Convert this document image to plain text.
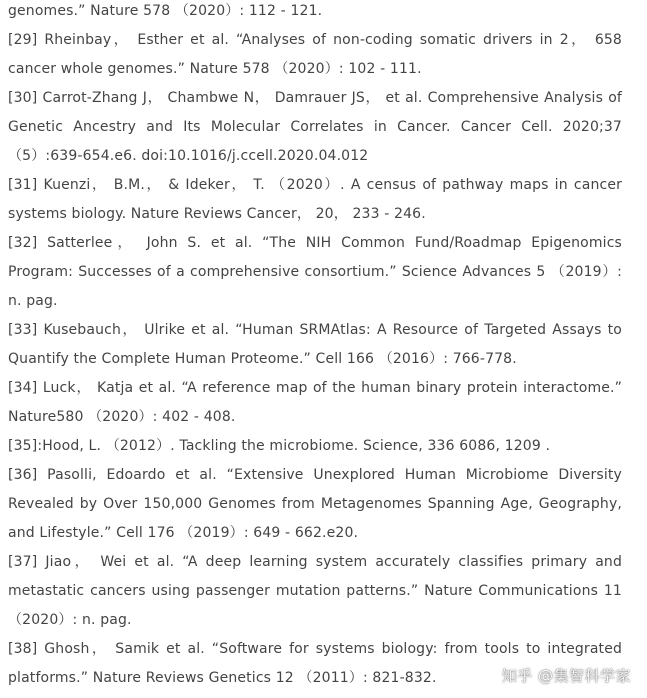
genomes.” Nature 578 （2020）: 112 - 121.

[29] Rheinbay， Esther et al. “Analyses of non-coding somatic drivers in 2， 658 cancer whole genomes.” Nature 578 （2020）: 102 - 111.

[30] Carrot-Zhang J， Chambwe N， Damrauer JS， et al. Comprehensive Analysis of Genetic Ancestry and Its Molecular Correlates in Cancer. Cancer Cell. 2020;37（5）:639-654.e6. doi:10.1016/j.ccell.2020.04.012

[31] Kuenzi， B.M.， & Ideker， T. （2020）. A census of pathway maps in cancer systems biology. Nature Reviews Cancer， 20， 233 - 246.

[32] Satterlee， John S. et al. “The NIH Common Fund/Roadmap Epigenomics Program: Successes of a comprehensive consortium.” Science Advances 5 （2019）: n. pag.

[33] Kusebauch， Ulrike et al. “Human SRMAtlas: A Resource of Targeted Assays to Quantify the Complete Human Proteome.” Cell 166 （2016）: 766-778.

[34] Luck， Katja et al. “A reference map of the human binary protein interactome.” Nature580 （2020）: 402 - 408.

[35]:Hood, L. （2012）. Tackling the microbiome. Science, 336 6086, 1209 .

[36] Pasolli, Edoardo et al. “Extensive Unexplored Human Microbiome Diversity Revealed by Over 150,000 Genomes from Metagenomes Spanning Age, Geography, and Lifestyle.” Cell 176 （2019）: 649 - 662.e20.

[37] Jiao， Wei et al. “A deep learning system accurately classifies primary and metastatic cancers using passenger mutation patterns.” Nature Communications 11 （2020）: n. pag.

[38] Ghosh， Samik et al. “Software for systems biology: from tools to integrated platforms.” Nature Reviews Genetics 12 （2011）: 821-832.	知乎 @集智科学家
